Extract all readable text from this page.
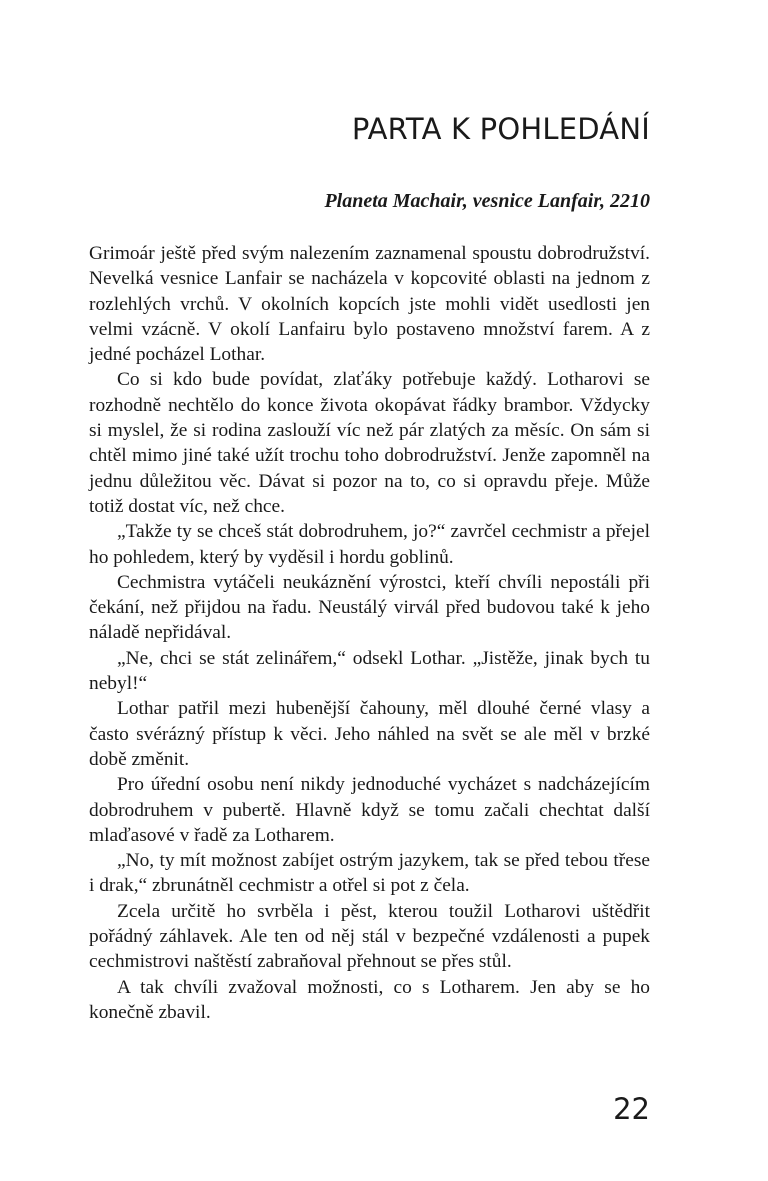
PARTA K POHLEDÁNÍ

Planeta Machair, vesnice Lanfair, 2210

Grimoár ještě před svým nalezením zaznamenal spoustu dobrodružství. Nevelká vesnice Lanfair se nacházela v kopcovité oblasti na jednom z rozlehlých vrchů. V okolních kopcích jste mohli vidět usedlosti jen velmi vzácně. V okolí Lanfairu bylo postaveno množství farem. A z jedné pocházel Lothar.

Co si kdo bude povídat, zlaťáky potřebuje každý. Lotharovi se rozhodně nechtělo do konce života okopávat řádky brambor. Vždycky si myslel, že si rodina zaslouží víc než pár zlatých za měsíc. On sám si chtěl mimo jiné také užít trochu toho dobrodružství. Jenže zapomněl na jednu důležitou věc. Dávat si pozor na to, co si opravdu přeje. Může totiž dostat víc, než chce.

„Takže ty se chceš stát dobrodruhem, jo?“ zavrčel cechmistr a přejel ho pohledem, který by vyděsil i hordu goblinů.

Cechmistra vytáčeli neukáznění výrostci, kteří chvíli nepostáli při čekání, než přijdou na řadu. Neustálý virvál před budovou také k jeho náladě nepřidával.

„Ne, chci se stát zelinářem,“ odsekl Lothar. „Jistěže, jinak bych tu nebyl!“

Lothar patřil mezi hubenější čahouny, měl dlouhé černé vlasy a často svérázný přístup k věci. Jeho náhled na svět se ale měl v brzké době změnit.

Pro úřední osobu není nikdy jednoduché vycházet s nadcházejícím dobrodruhem v pubertě. Hlavně když se tomu začali chechtat další mlaďasové v řadě za Lotharem.

„No, ty mít možnost zabíjet ostrým jazykem, tak se před tebou třese i drak,“ zbrunátněl cechmistr a otřel si pot z čela.

Zcela určitě ho svrběla i pěst, kterou toužil Lotharovi uštědřit pořádný záhlavek. Ale ten od něj stál v bezpečné vzdálenosti a pupek cechmistrovi naštěstí zabraňoval přehnout se přes stůl.

A tak chvíli zvažoval možnosti, co s Lotharem. Jen aby se ho konečně zbavil.

22
